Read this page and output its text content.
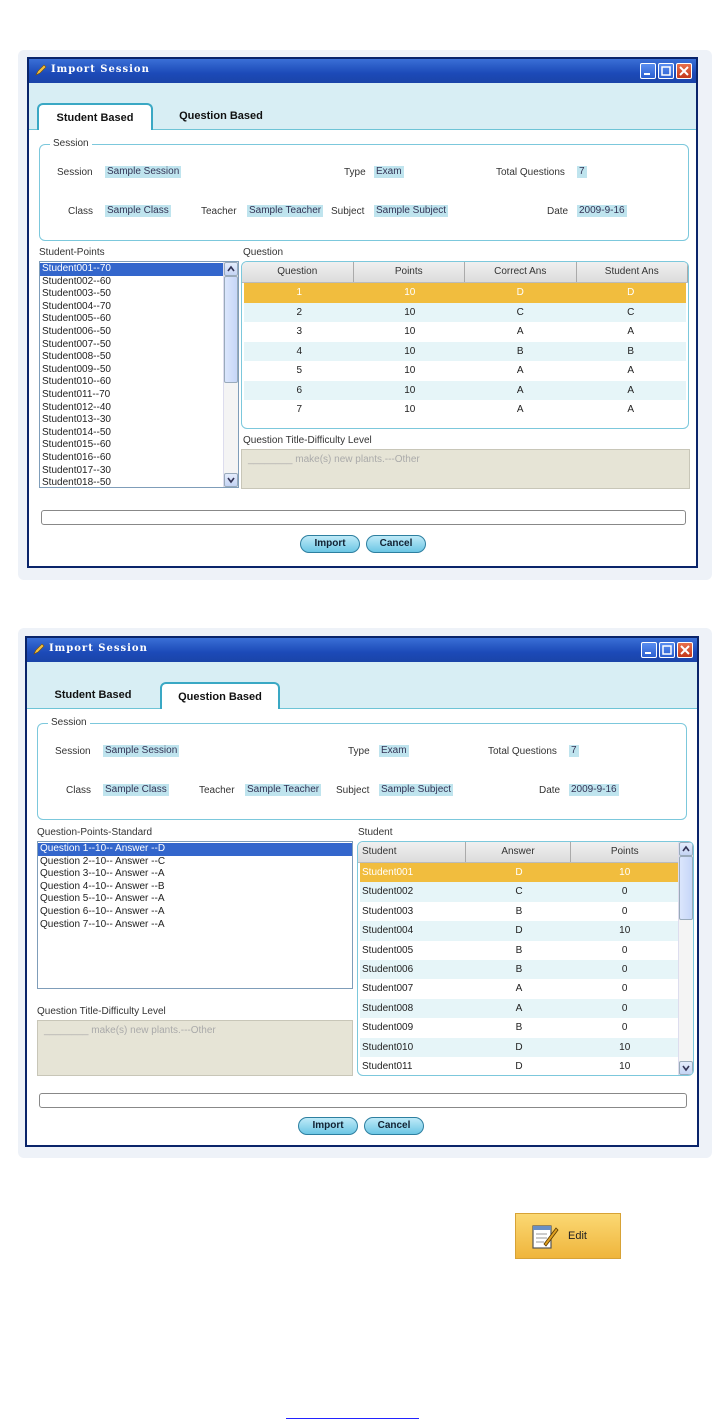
Import Session
Student Based	Question Based
Session
Session Sample Session	Type Exam	Total Questions 7
Class Sample Class	Teacher Sample Teacher Subject Sample Subject	Date 2009-9-16
Student-Points
Student001--70
Student002--60
Student003--50
Student004--70
Student005--60
Student006--50
Student007--50
Student008--50
Student009--50
Student010--60
Student011--70
Student012--40
Student013--30
Student014--50
Student015--60
Student016--60
Student017--30
Student018--50
Question
Question	Points	Correct Ans	Student Ans
1	10	D	D
2	10	C	C
3	10	A	A
4	10	B	B
5	10	A	A
6	10	A	A
7	10	A	A
Question Title-Difficulty Level
________ make(s) new plants.---Other
Import	Cancel
Import Session
Student Based	Question Based
Session
Session Sample Session	Type Exam	Total Questions 7
Class Sample Class	Teacher Sample Teacher Subject Sample Subject	Date 2009-9-16
Question-Points-Standard
Question 1--10-- Answer --D
Question 2--10-- Answer --C
Question 3--10-- Answer --A
Question 4--10-- Answer --B
Question 5--10-- Answer --A
Question 6--10-- Answer --A
Question 7--10-- Answer --A
Question Title-Difficulty Level
________ make(s) new plants.---Other
Student
Student	Answer	Points
Student001	D	10
Student002	C	0
Student003	B	0
Student004	D	10
Student005	B	0
Student006	B	0
Student007	A	0
Student008	A	0
Student009	B	0
Student010	D	10
Student011	D	10
Import	Cancel
Edit
